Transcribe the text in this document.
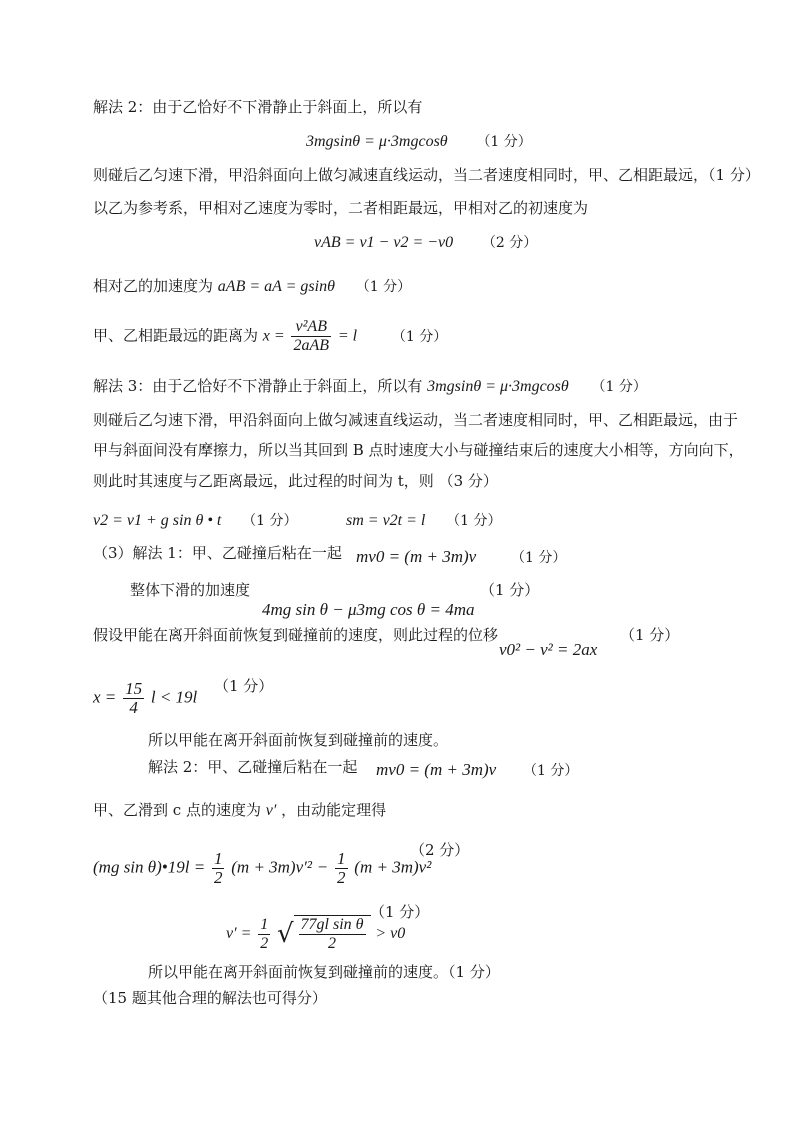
解法 2：由于乙恰好不下滑静止于斜面上，所以有
3mgsinθ = μ·3mgcosθ （1 分）
则碰后乙匀速下滑，甲沿斜面向上做匀减速直线运动，当二者速度相同时，甲、乙相距最远，（1 分）
以乙为参考系，甲相对乙速度为零时，二者相距最远，甲相对乙的初速度为
vAB = v1 − v2 = −v0 （2 分）
相对乙的加速度为 aAB = aA = gsinθ （1 分）
甲、乙相距最远的距离为 $x = \frac{\text{v²AB}}{\text{2aAB}} = l$ （1 分）
解法 3：由于乙恰好不下滑静止于斜面上，所以有 3mgsinθ = μ·3mgcosθ （1 分）
则碰后乙匀速下滑，甲沿斜面向上做匀减速直线运动，当二者速度相同时，甲、乙相距最远，由于
甲与斜面间没有摩擦力，所以当其回到 B 点时速度大小与碰撞结束后的速度大小相等，方向向下，
则此时其速度与乙距离最远，此过程的时间为 t，则 （3 分）
v2 = v1 + g sin θ • t （1 分）	sm = v2t = l （1 分）
（3）解法 1：甲、乙碰撞后粘在一起 mv0 = (m + 3m)v （1 分）
整体下滑的加速度	（1 分）
4mg sin θ − μ3mg cos θ = 4ma
假设甲能在离开斜面前恢复到碰撞前的速度，则此过程的位移	（1 分）
v0² − v² = 2ax
$x = \frac{15}{4}$ l < 19l
（1 分）
所以甲能在离开斜面前恢复到碰撞前的速度。
解法 2：甲、乙碰撞后粘在一起 mv0 = (m + 3m)v （1 分）
甲、乙滑到 c 点的速度为 v′ ，由动能定理得
（2 分）
(mg sin θ)•19l = $\frac{1}{2} (m + 3m)v'^2 - \frac{1}{2} (m + 3m)v^2$
$v' = \frac{1}{2}$ √ $\frac{\text{77gl sin θ}}{2} > v0$
（1 分）
所以甲能在离开斜面前恢复到碰撞前的速度。（1 分）
（15 题其他合理的解法也可得分）
